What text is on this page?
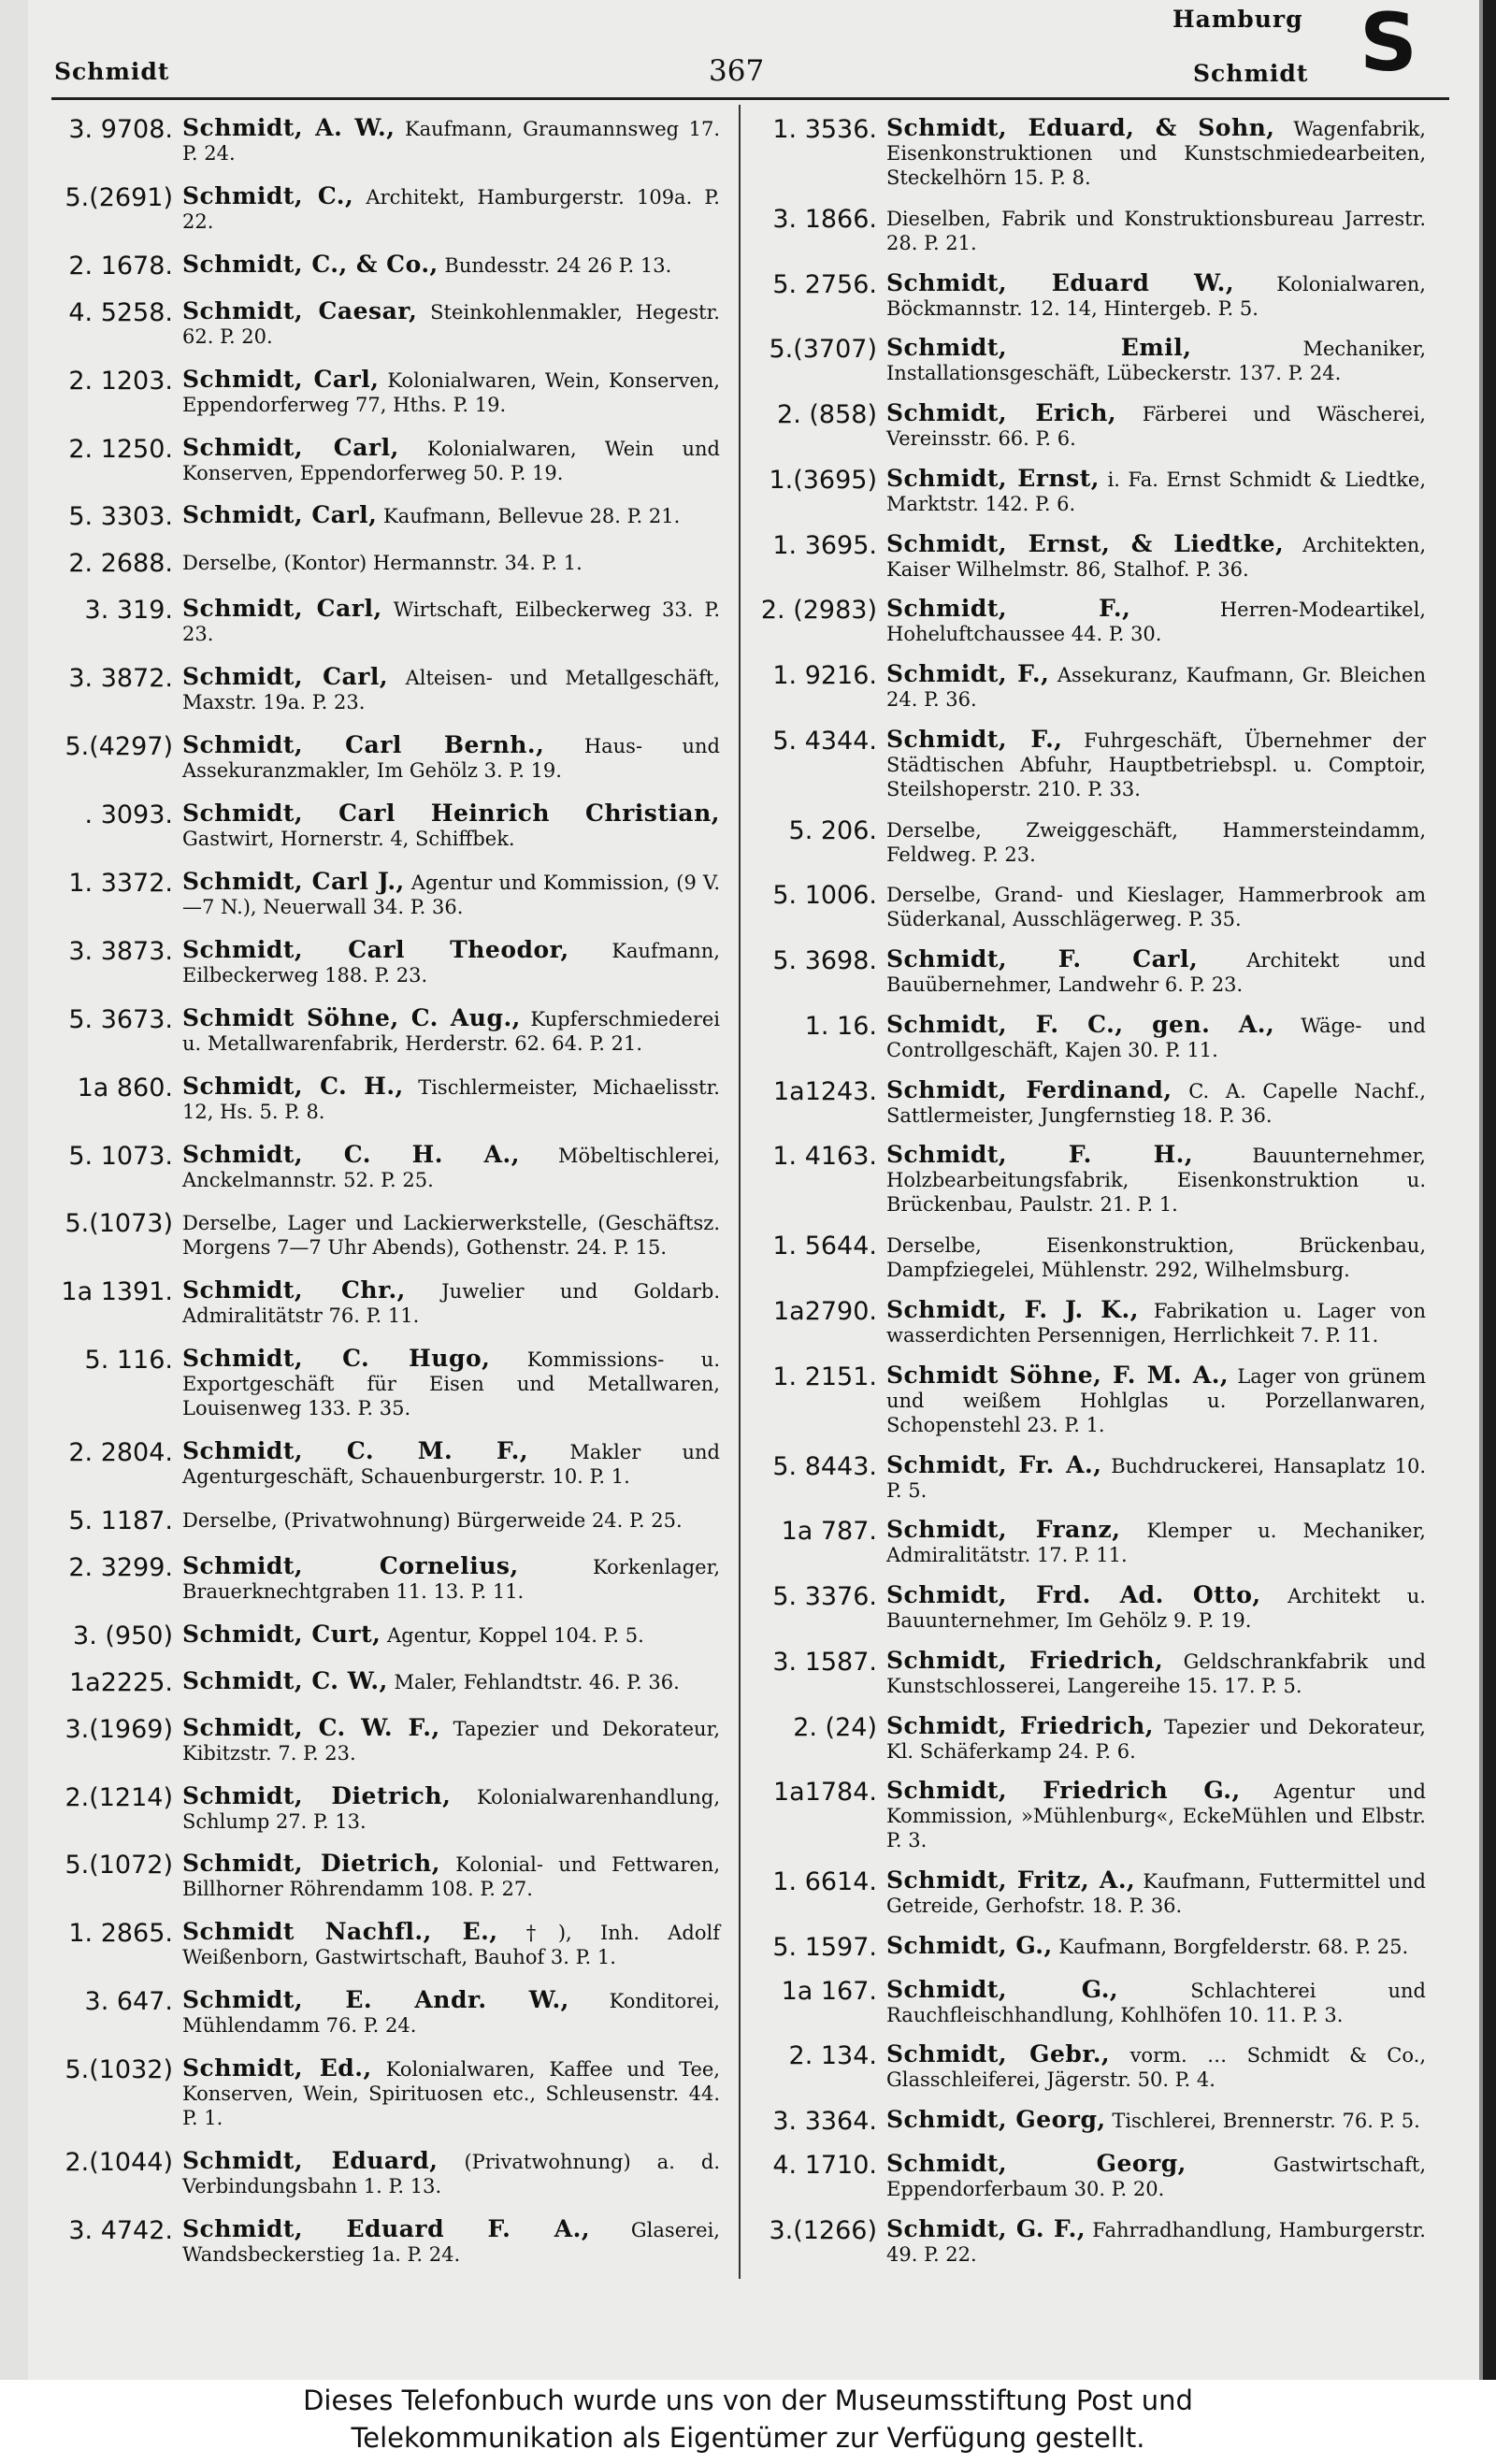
Schmidt	367
Hamburg
Schmidt S
3. 9708. Schmidt, A. W., Kaufmann, Graumannsweg 17. P. 24.
5.(2691) Schmidt, C., Architekt, Hamburgerstr. 109a. P. 22.
2. 1678. Schmidt, C., & Co., Bundesstr. 24 26 P. 13.
4. 5258. Schmidt, Caesar, Steinkohlenmakler, Hegestr. 62. P. 20.
2. 1203. Schmidt, Carl, Kolonialwaren, Wein, Konserven, Eppendorferweg 77, Hths. P. 19.
2. 1250. Schmidt, Carl, Kolonialwaren, Wein und Konserven, Eppendorferweg 50. P. 19.
5. 3303. Schmidt, Carl, Kaufmann, Bellevue 28. P. 21.
2. 2688. Derselbe, (Kontor) Hermannstr. 34. P. 1.
3. 319. Schmidt, Carl, Wirtschaft, Eilbeckerweg 33. P. 23.
3. 3872. Schmidt, Carl, Alteisen- und Metallgeschäft, Maxstr. 19a. P. 23.
5.(4297) Schmidt, Carl Bernh., Haus- und Assekuranzmakler, Im Gehölz 3. P. 19.
. 3093. Schmidt, Carl Heinrich Christian, Gastwirt, Hornerstr. 4, Schiffbek.
1. 3372. Schmidt, Carl J., Agentur und Kommission, (9 V.—7 N.), Neuerwall 34. P. 36.
3. 3873. Schmidt, Carl Theodor, Kaufmann, Eilbeckerweg 188. P. 23.
5. 3673. Schmidt Söhne, C. Aug., Kupferschmiederei u. Metallwarenfabrik, Herderstr. 62. 64. P. 21.
1a 860. Schmidt, C. H., Tischlermeister, Michaelisstr. 12, Hs. 5. P. 8.
5. 1073. Schmidt, C. H. A., Möbeltischlerei, Anckelmannstr. 52. P. 25.
5.(1073) Derselbe, Lager und Lackierwerkstelle, (Geschäftsz. Morgens 7—7 Uhr Abends), Gothenstr. 24. P. 15.
1a 1391. Schmidt, Chr., Juwelier und Goldarb. Admiralitätstr 76. P. 11.
5. 116. Schmidt, C. Hugo, Kommissions- u. Exportgeschäft für Eisen und Metallwaren, Louisenweg 133. P. 35.
2. 2804. Schmidt, C. M. F., Makler und Agenturgeschäft, Schauenburgerstr. 10. P. 1.
5. 1187. Derselbe, (Privatwohnung) Bürgerweide 24. P. 25.
2. 3299. Schmidt, Cornelius,	Korkenlager, Brauerknechtgraben 11. 13. P. 11.
3. (950) Schmidt, Curt, Agentur, Koppel 104. P. 5.
1a2225. Schmidt, C. W., Maler, Fehlandtstr. 46. P. 36.
3.(1969) Schmidt, C. W. F., Tapezier und Dekorateur, Kibitzstr. 7. P. 23.
2.(1214) Schmidt, Dietrich, Kolonialwarenhandlung, Schlump 27. P. 13.
5.(1072) Schmidt, Dietrich, Kolonial- und Fettwaren, Billhorner Röhrendamm 108. P. 27.
1. 2865. Schmidt Nachfl., E., †), Inh. Adolf Weißenborn, Gastwirtschaft, Bauhof 3. P. 1.
3. 647. Schmidt, E. Andr. W., Konditorei, Mühlendamm 76. P. 24.
5.(1032) Schmidt, Ed., Kolonialwaren, Kaffee und Tee, Konserven, Wein, Spirituosen etc., Schleusenstr. 44. P. 1.
2.(1044) Schmidt, Eduard, (Privatwohnung) a. d. Verbindungsbahn 1. P. 13.
3. 4742. Schmidt, Eduard F. A., Glaserei, Wandsbeckerstieg 1a. P. 24.
1. 3536. Schmidt, Eduard, & Sohn, Wagenfabrik, Eisenkonstruktionen und Kunstschmiedearbeiten, Steckelhörn 15. P. 8.
3. 1866. Dieselben, Fabrik und Konstruktionsbureau Jarrestr. 28. P. 21.
5. 2756. Schmidt, Eduard W., Kolonialwaren, Böckmannstr. 12. 14, Hintergeb. P. 5.
5.(3707) Schmidt, Emil,	Mechaniker, Installationsgeschäft, Lübeckerstr. 137. P. 24.
2. (858) Schmidt, Erich, Färberei und Wäscherei, Vereinsstr. 66. P. 6.
1.(3695) Schmidt, Ernst, i. Fa. Ernst Schmidt & Liedtke, Marktstr. 142. P. 6.
1. 3695. Schmidt, Ernst, & Liedtke, Architekten, Kaiser Wilhelmstr. 86, Stalhof. P. 36.
2. (2983) Schmidt, F.,	Herren-Modeartikel, Hoheluftchaussee 44. P. 30.
1. 9216. Schmidt, F., Assekuranz, Kaufmann, Gr. Bleichen 24. P. 36.
5. 4344. Schmidt, F., Fuhrgeschäft, Übernehmer der Städtischen Abfuhr, Hauptbetriebspl. u. Comptoir, Steilshoperstr. 210. P. 33.
5. 206. Derselbe, Zweiggeschäft, Hammersteindamm, Feldweg. P. 23.
5. 1006. Derselbe, Grand- und Kieslager, Hammerbrook am Süderkanal, Ausschlägerweg. P. 35.
5. 3698. Schmidt, F. Carl, Architekt und Bauübernehmer, Landwehr 6. P. 23.
1. 16. Schmidt, F. C., gen. A., Wäge- und Controllgeschäft, Kajen 30. P. 11.
1a1243. Schmidt, Ferdinand, C. A. Capelle Nachf., Sattlermeister, Jungfernstieg 18. P. 36.
1. 4163. Schmidt, F. H.,	Bauunternehmer, Holzbearbeitungsfabrik, Eisenkonstruktion u. Brückenbau, Paulstr. 21. P. 1.
1. 5644. Derselbe, Eisenkonstruktion, Brückenbau, Dampfziegelei, Mühlenstr. 292, Wilhelmsburg.
1a2790. Schmidt, F. J. K., Fabrikation u. Lager von wasserdichten Persennigen, Herrlichkeit 7. P. 11.
1. 2151. Schmidt Söhne, F. M. A., Lager von grünem und weißem Hohlglas u. Porzellanwaren, Schopenstehl 23. P. 1.
5. 8443. Schmidt, Fr. A., Buchdruckerei, Hansaplatz 10. P. 5.
1a 787. Schmidt, Franz, Klemper u. Mechaniker, Admiralitätstr. 17. P. 11.
5. 3376. Schmidt, Frd. Ad. Otto, Architekt u. Bauunternehmer, Im Gehölz 9. P. 19.
3. 1587. Schmidt, Friedrich, Geldschrankfabrik und Kunstschlosserei, Langereihe 15. 17. P. 5.
2. (24) Schmidt, Friedrich, Tapezier und Dekorateur, Kl. Schäferkamp 24. P. 6.
1a1784. Schmidt, Friedrich G., Agentur und Kommission, »Mühlenburg«, EckeMühlen und Elbstr. P. 3.
1. 6614. Schmidt, Fritz, A., Kaufmann, Futtermittel und Getreide, Gerhofstr. 18. P. 36.
5. 1597. Schmidt, G., Kaufmann, Borgfelderstr. 68. P. 25.
1a 167. Schmidt, G.,	Schlachterei und Rauchfleischhandlung, Kohlhöfen 10. 11. P. 3.
2. 134. Schmidt, Gebr., vorm. … Schmidt & Co., Glasschleiferei, Jägerstr. 50. P. 4.
3. 3364. Schmidt, Georg, Tischlerei, Brennerstr. 76. P. 5.
4. 1710. Schmidt, Georg,	Gastwirtschaft, Eppendorferbaum 30. P. 20.
3.(1266) Schmidt, G. F., Fahrradhandlung, Hamburgerstr. 49. P. 22.
Dieses Telefonbuch wurde uns von der Museumsstiftung Post und
Telekommunikation als Eigentümer zur Verfügung gestellt.
